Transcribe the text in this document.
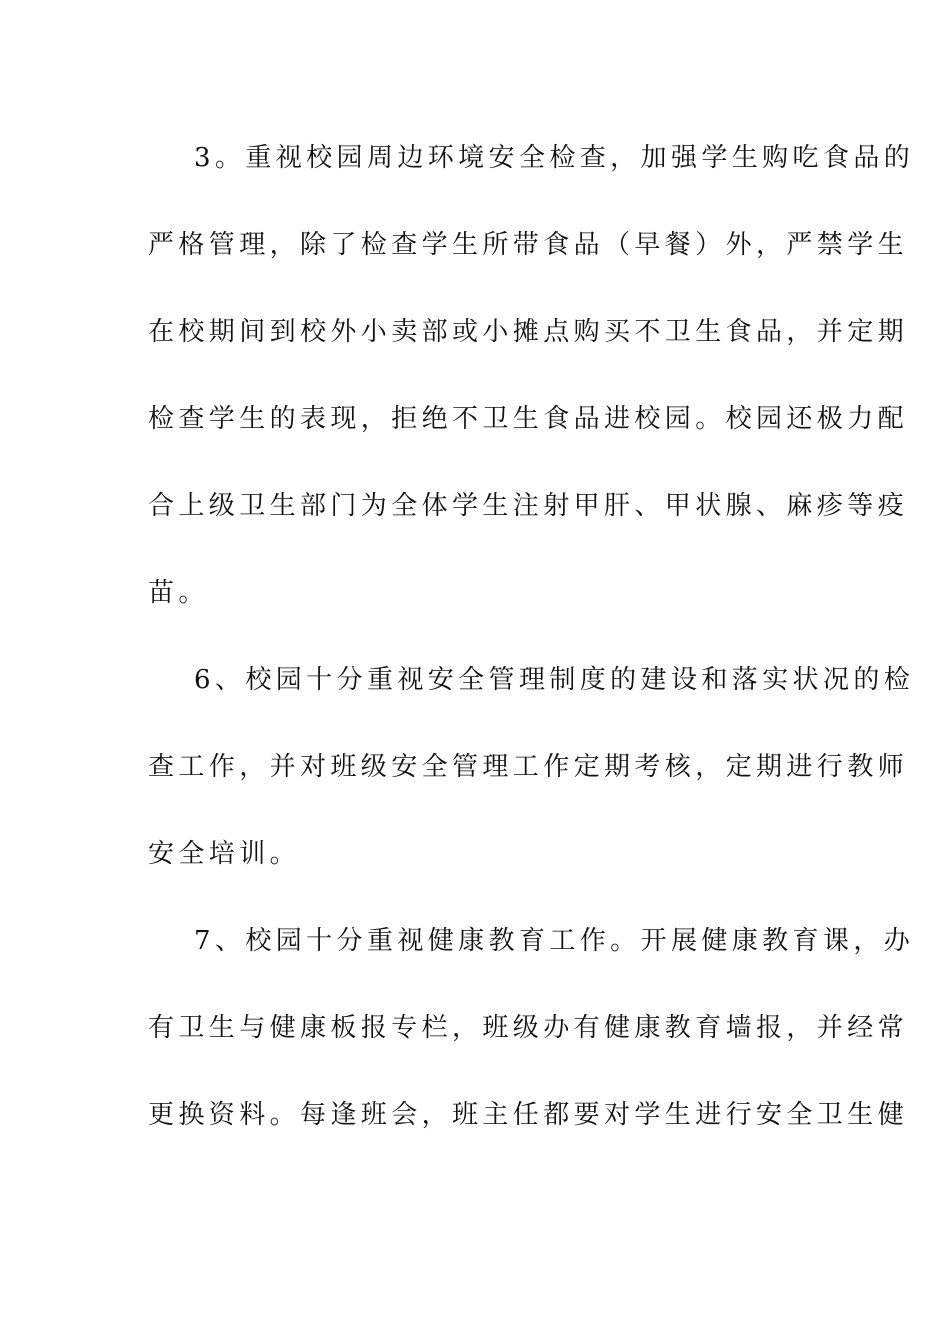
3。重视校园周边环境安全检查，加强学生购吃食品的
严格管理，除了检查学生所带食品（早餐）外，严禁学生
在校期间到校外小卖部或小摊点购买不卫生食品，并定期
检查学生的表现，拒绝不卫生食品进校园。校园还极力配
合上级卫生部门为全体学生注射甲肝、甲状腺、麻疹等疫
苗。
6、校园十分重视安全管理制度的建设和落实状况的检
查工作，并对班级安全管理工作定期考核，定期进行教师
安全培训。
7、校园十分重视健康教育工作。开展健康教育课，办
有卫生与健康板报专栏，班级办有健康教育墙报，并经常
更换资料。每逢班会，班主任都要对学生进行安全卫生健
